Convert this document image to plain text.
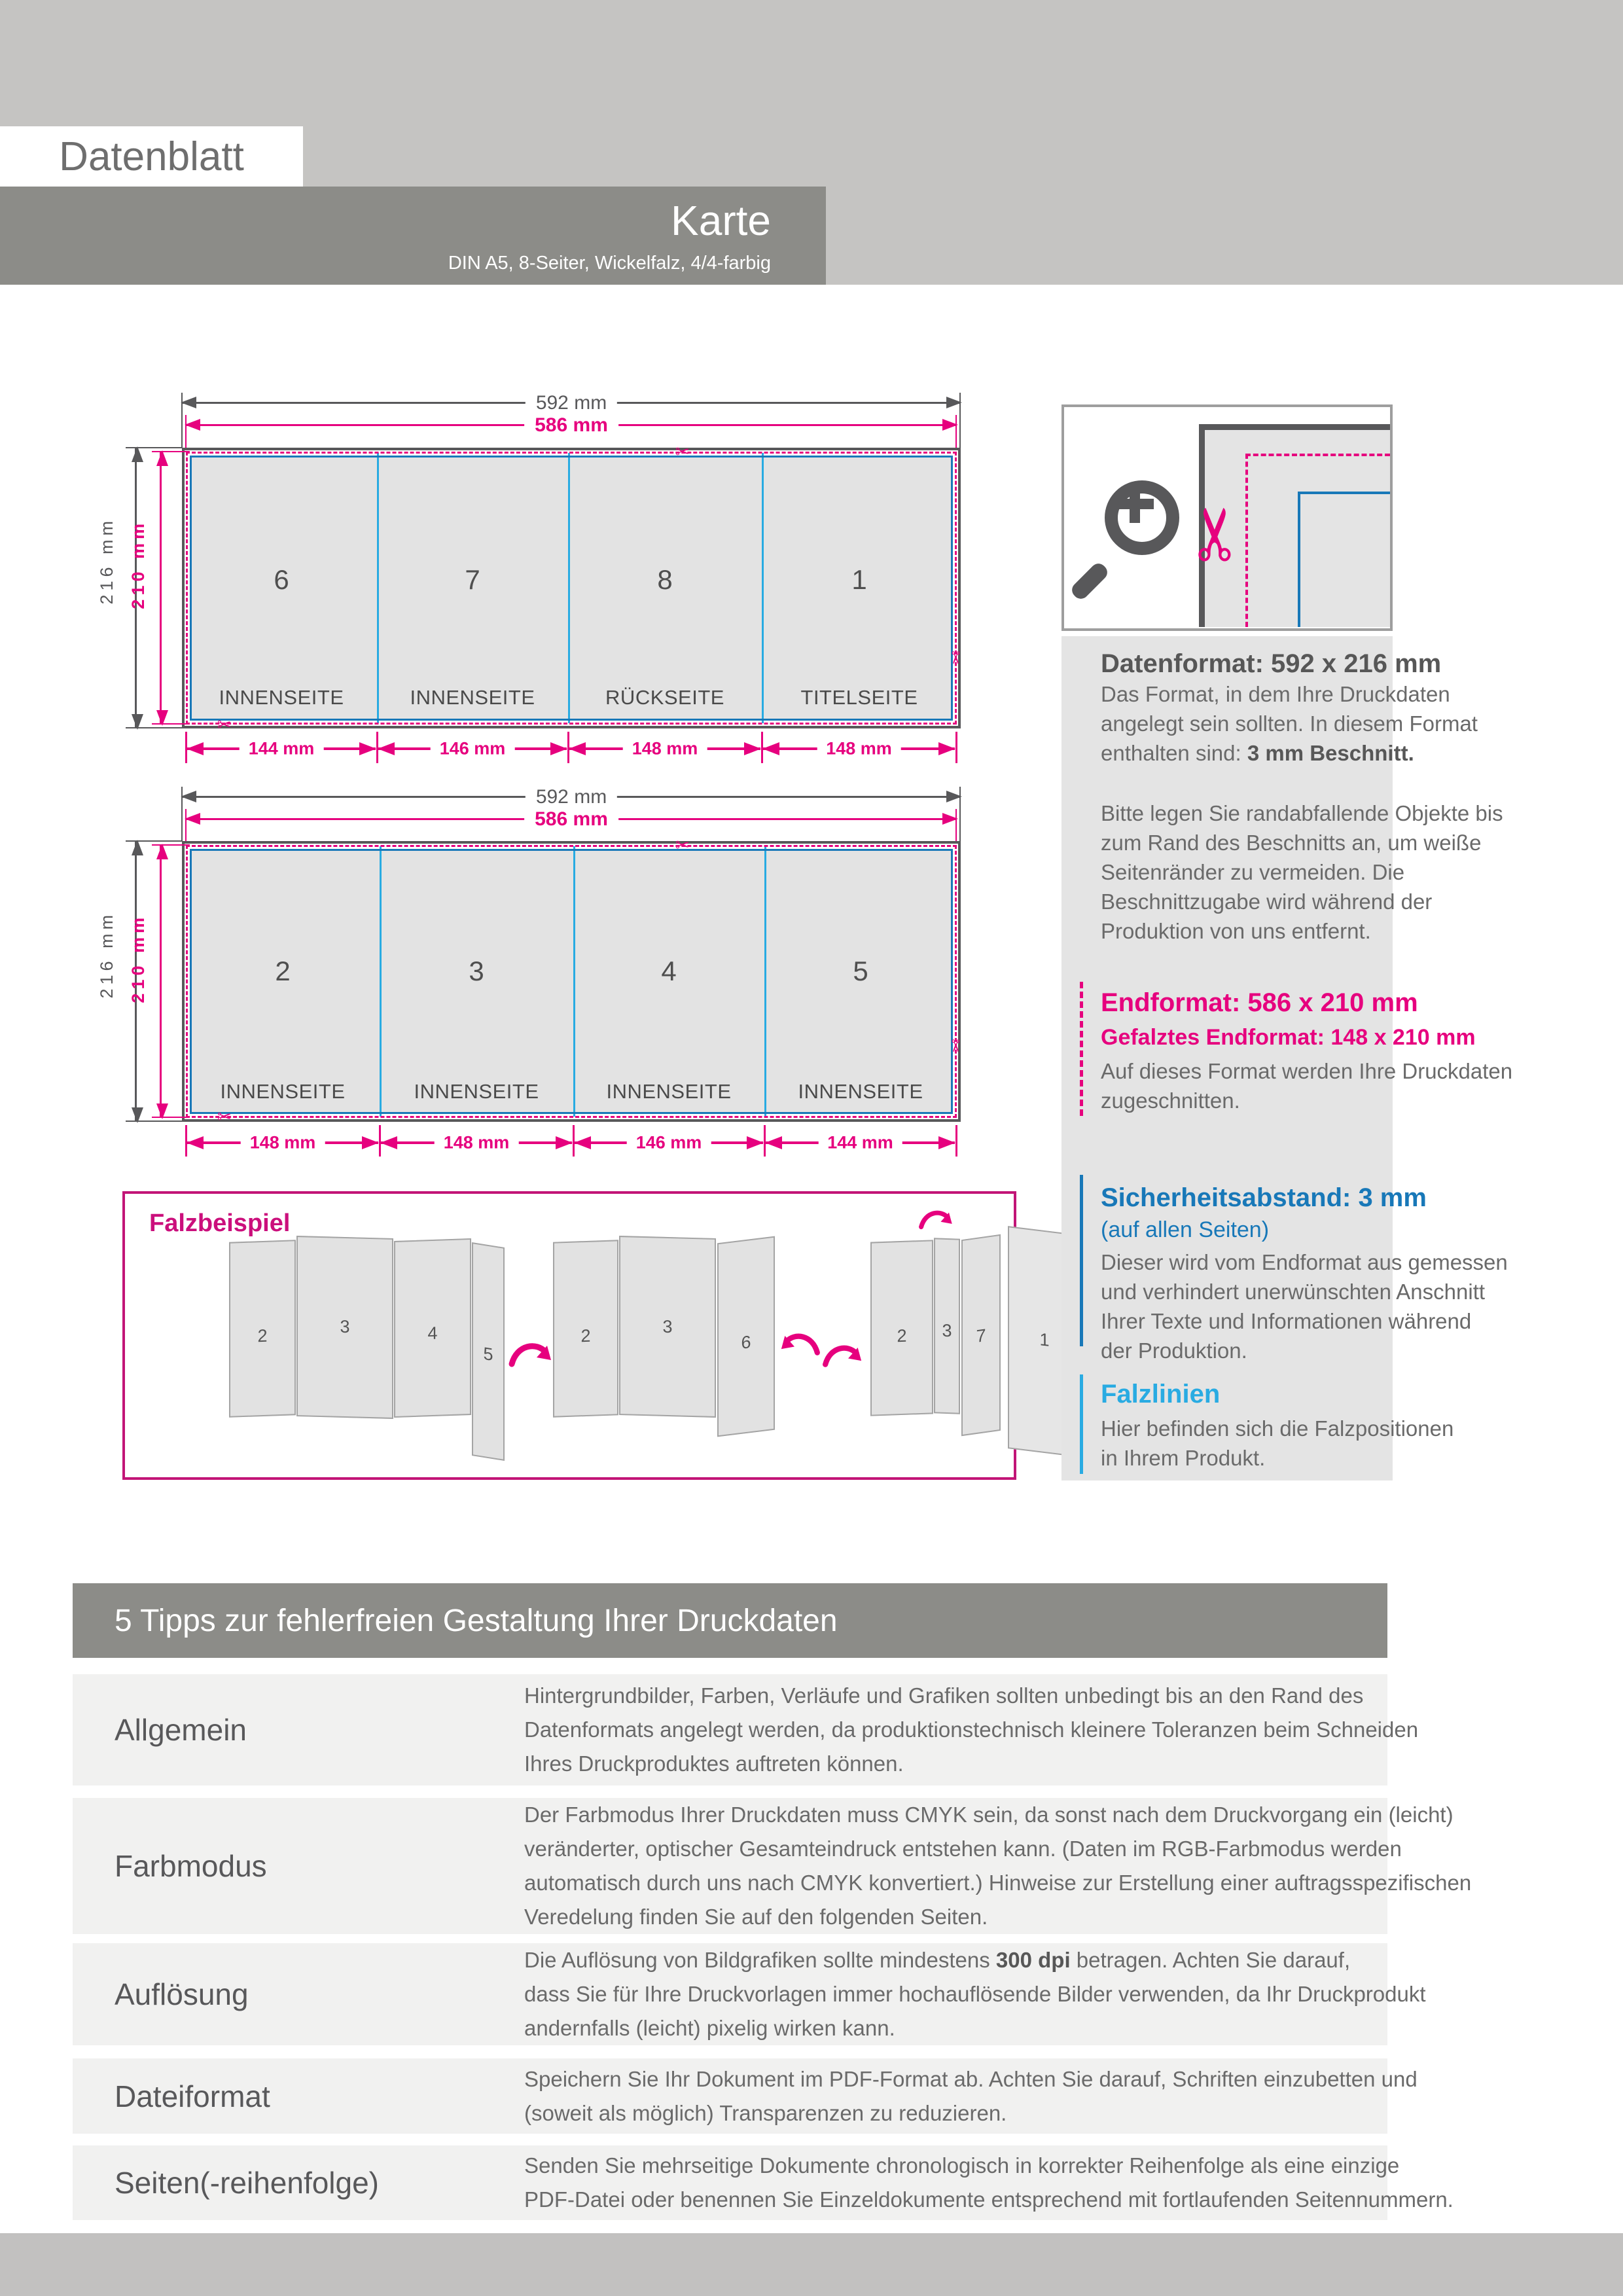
Datenblatt
Karte
DIN A5, 8-Seiter, Wickelfalz, 4/4-farbig
592 mm
586 mm
6	7	8	1
INNENSEITE	INNENSEITE	RÜCKSEITE	TITELSEITE
✂
✂
✂
216 mm 210 mm
144 mm	146 mm	148 mm	148 mm
592 mm
586 mm
2	3	4	5
INNENSEITE	INNENSEITE	INNENSEITE	INNENSEITE
✂
✂
✂
216 mm 210 mm
148 mm	148 mm	146 mm	144 mm
Falzbeispiel
2	3	4
5
2	3
6	2 3 7	1
✂
Datenformat: 592 x 216 mm
Das Format, in dem Ihre Druckdaten
angelegt sein sollten. In diesem Format
enthalten sind: 3 mm Beschnitt.
Bitte legen Sie randabfallende Objekte bis
zum Rand des Beschnitts an, um weiße
Seitenränder zu vermeiden. Die
Beschnittzugabe wird während der
Produktion von uns entfernt.
Endformat: 586 x 210 mm
Gefalztes Endformat: 148 x 210 mm
Auf dieses Format werden Ihre Druckdaten
zugeschnitten.
Sicherheitsabstand: 3 mm
(auf allen Seiten)
Dieser wird vom Endformat aus gemessen
und verhindert unerwünschten Anschnitt
Ihrer Texte und Informationen während
der Produktion.
Falzlinien
Hier befinden sich die Falzpositionen
in Ihrem Produkt.
5 Tipps zur fehlerfreien Gestaltung Ihrer Druckdaten
Allgemein
Hintergrundbilder, Farben, Verläufe und Grafiken sollten unbedingt bis an den Rand des
Datenformats angelegt werden, da produktionstechnisch kleinere Toleranzen beim Schneiden
Ihres Druckproduktes auftreten können.
Farbmodus
Der Farbmodus Ihrer Druckdaten muss CMYK sein, da sonst nach dem Druckvorgang ein (leicht)
veränderter, optischer Gesamteindruck entstehen kann. (Daten im RGB-Farbmodus werden
automatisch durch uns nach CMYK konvertiert.) Hinweise zur Erstellung einer auftragsspezifischen
Veredelung finden Sie auf den folgenden Seiten.
Auflösung
Die Auflösung von Bildgrafiken sollte mindestens 300 dpi betragen. Achten Sie darauf,
dass Sie für Ihre Druckvorlagen immer hochauflösende Bilder verwenden, da Ihr Druckprodukt
andernfalls (leicht) pixelig wirken kann.
Dateiformat
Speichern Sie Ihr Dokument im PDF-Format ab. Achten Sie darauf, Schriften einzubetten und
(soweit als möglich) Transparenzen zu reduzieren.
Seiten(-reihenfolge)
Senden Sie mehrseitige Dokumente chronologisch in korrekter Reihenfolge als eine einzige
PDF-Datei oder benennen Sie Einzeldokumente entsprechend mit fortlaufenden Seitennummern.
